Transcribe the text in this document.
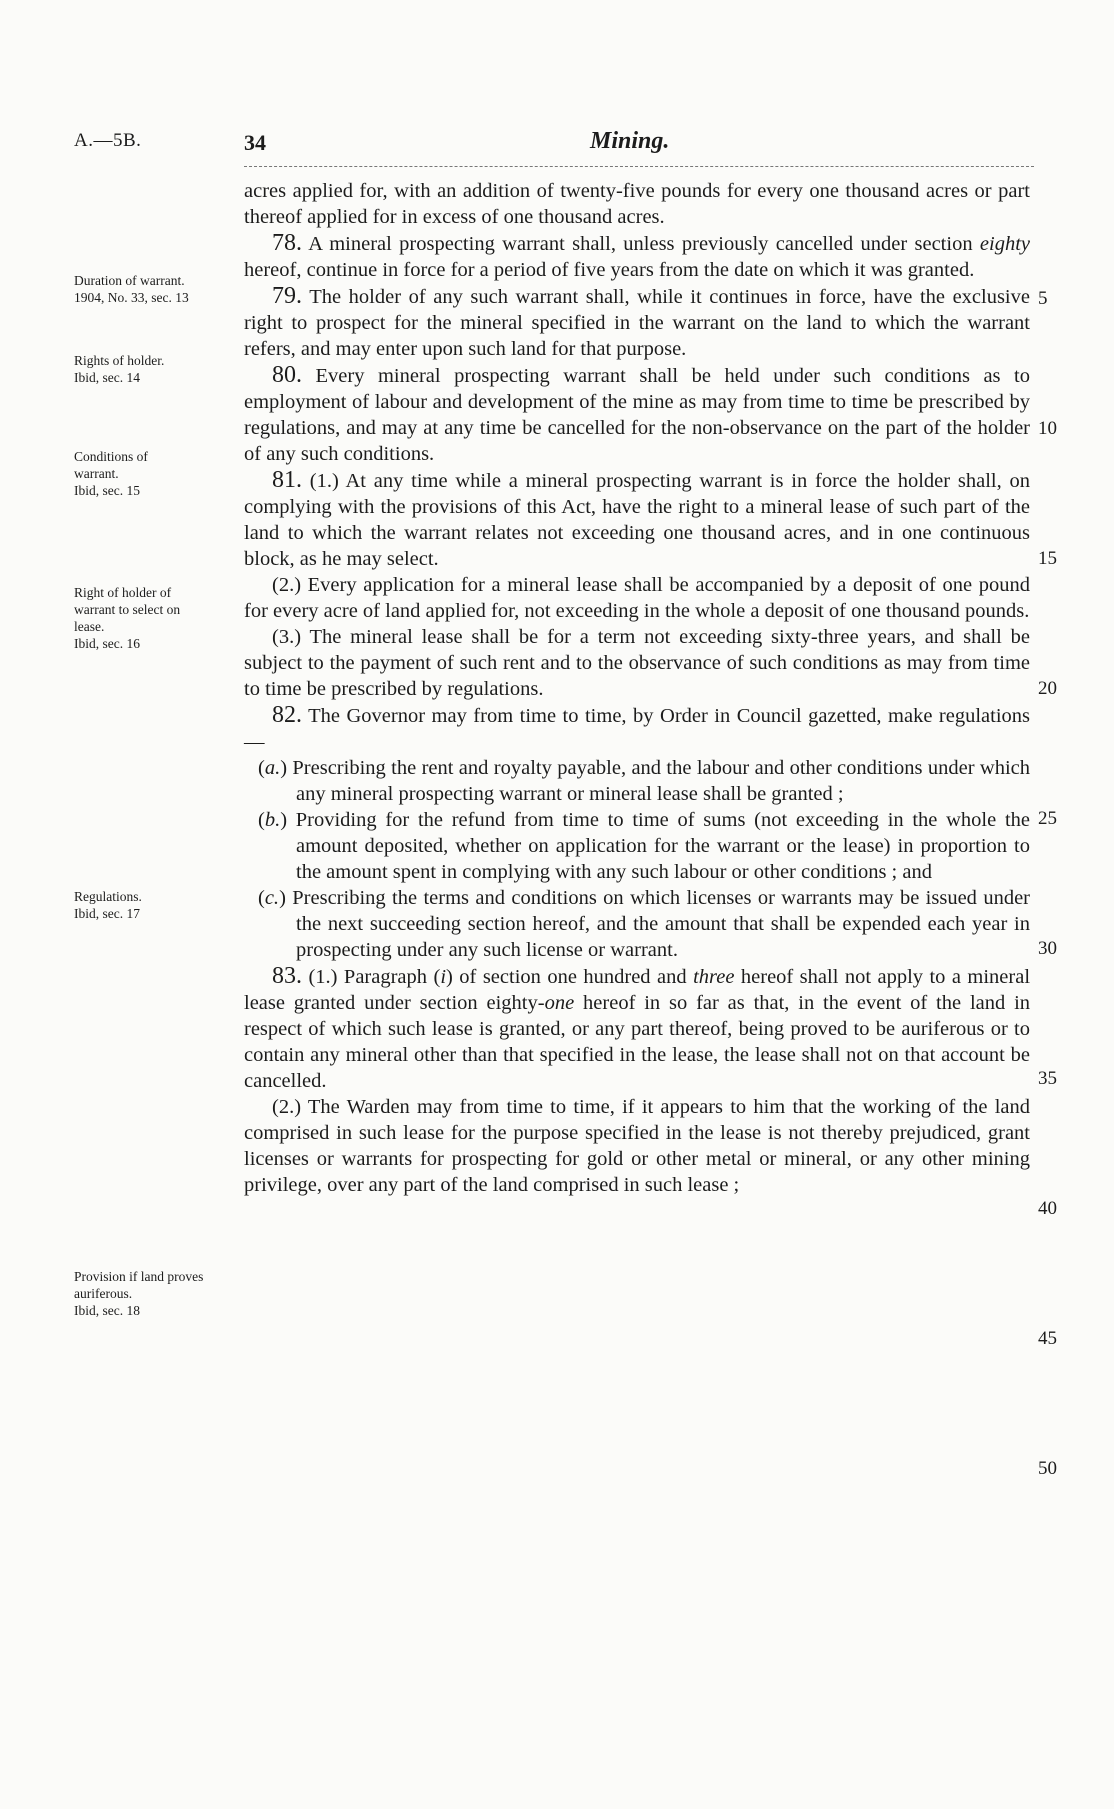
A.—5B.	34	Mining.
Duration of warrant.
1904, No. 33, sec. 13
Rights of holder.
Ibid, sec. 14
Conditions of warrant.
Ibid, sec. 15
Right of holder of warrant to select on lease.
Ibid, sec. 16
Regulations.
Ibid, sec. 17
Provision if land proves auriferous.
Ibid, sec. 18

acres applied for, with an addition of twenty-five pounds for every one thousand acres or part thereof applied for in excess of one thousand acres.

78. A mineral prospecting warrant shall, unless previously cancelled under section eighty hereof, continue in force for a period of five years from the date on which it was granted.

79. The holder of any such warrant shall, while it continues in force, have the exclusive right to prospect for the mineral specified in the warrant on the land to which the warrant refers, and may enter upon such land for that purpose.

80. Every mineral prospecting warrant shall be held under such conditions as to employment of labour and development of the mine as may from time to time be prescribed by regulations, and may at any time be cancelled for the non-observance on the part of the holder of any such conditions.

81. (1.) At any time while a mineral prospecting warrant is in force the holder shall, on complying with the provisions of this Act, have the right to a mineral lease of such part of the land to which the warrant relates not exceeding one thousand acres, and in one continuous block, as he may select.

(2.) Every application for a mineral lease shall be accompanied by a deposit of one pound for every acre of land applied for, not exceeding in the whole a deposit of one thousand pounds.

(3.) The mineral lease shall be for a term not exceeding sixty-three years, and shall be subject to the payment of such rent and to the observance of such conditions as may from time to time be prescribed by regulations.

82. The Governor may from time to time, by Order in Council gazetted, make regulations—

(a.) Prescribing the rent and royalty payable, and the labour and other conditions under which any mineral prospecting warrant or mineral lease shall be granted ;

(b.) Providing for the refund from time to time of sums (not exceeding in the whole the amount deposited, whether on application for the warrant or the lease) in proportion to the amount spent in complying with any such labour or other conditions ; and

(c.) Prescribing the terms and conditions on which licenses or warrants may be issued under the next succeeding section hereof, and the amount that shall be expended each year in prospecting under any such license or warrant.

83. (1.) Paragraph (i) of section one hundred and three hereof shall not apply to a mineral lease granted under section eighty-one hereof in so far as that, in the event of the land in respect of which such lease is granted, or any part thereof, being proved to be auriferous or to contain any mineral other than that specified in the lease, the lease shall not on that account be cancelled.

(2.) The Warden may from time to time, if it appears to him that the working of the land comprised in such lease for the purpose specified in the lease is not thereby prejudiced, grant licenses or warrants for prospecting for gold or other metal or mineral, or any other mining privilege, over any part of the land comprised in such lease ;

5
10
15
20
25
30
35
40
45
50
